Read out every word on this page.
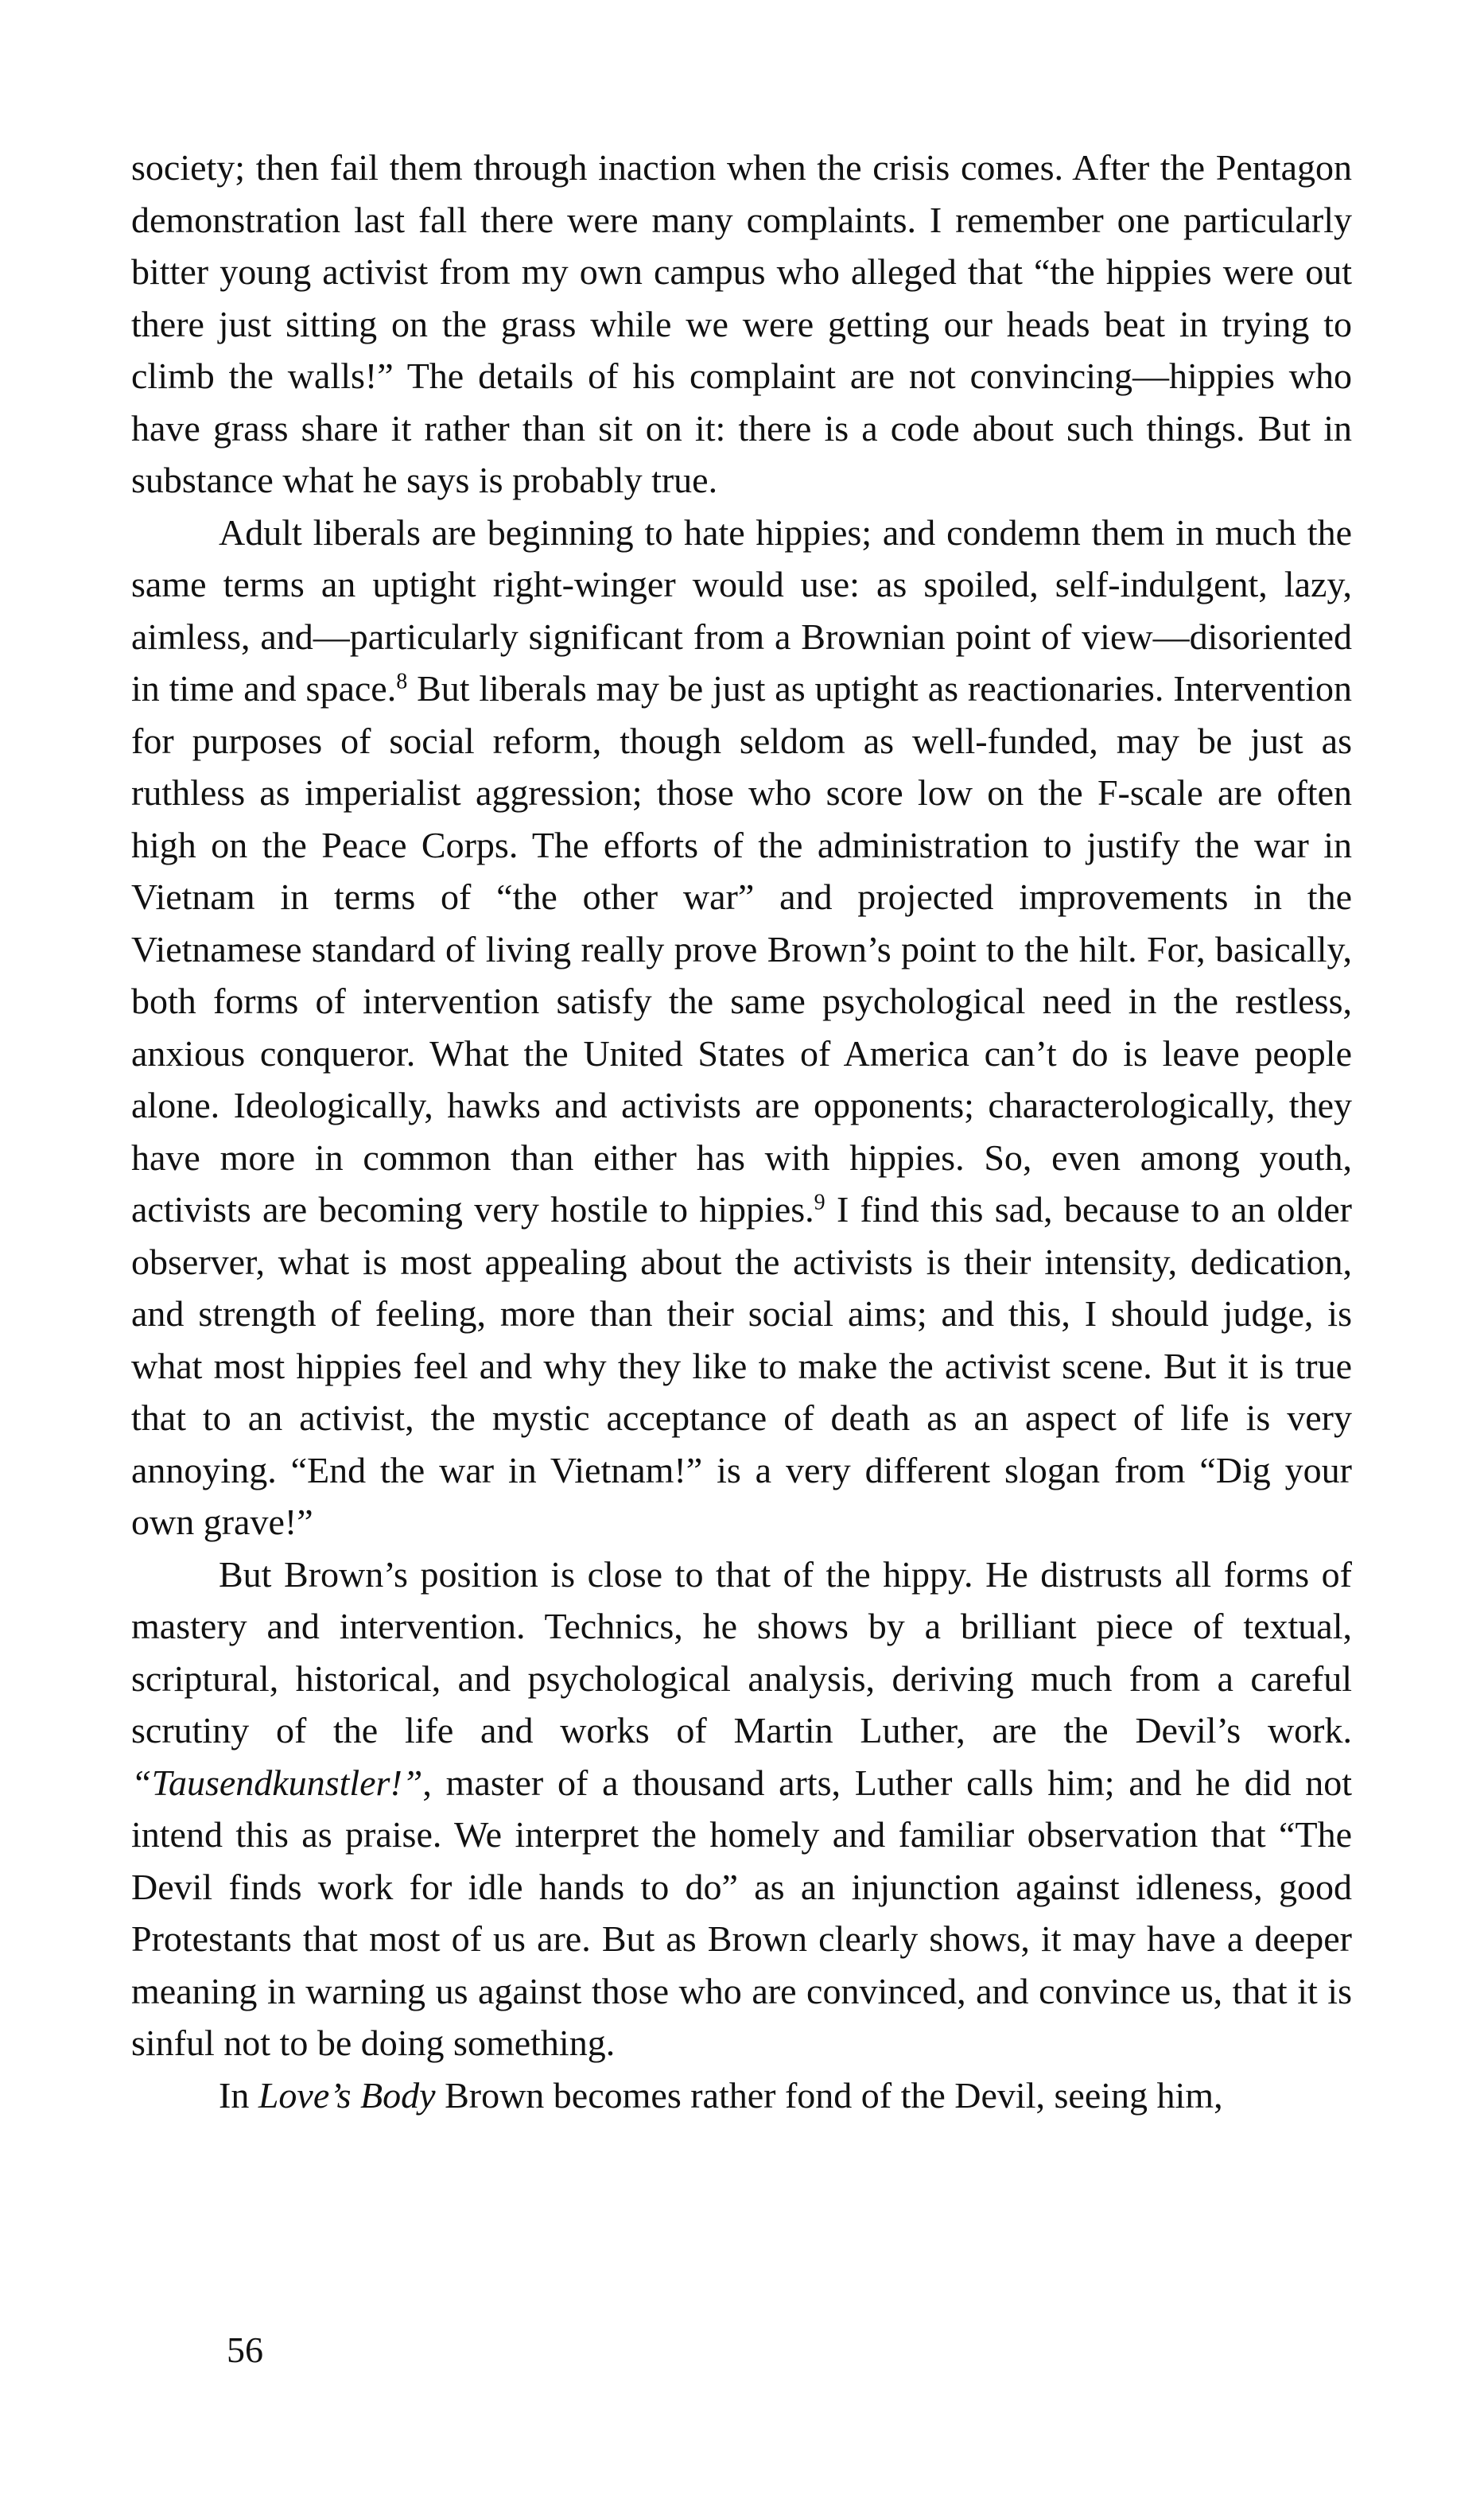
society; then fail them through inaction when the crisis comes. After the Pentagon demonstration last fall there were many complaints. I remember one particularly bitter young activist from my own campus who alleged that “the hippies were out there just sitting on the grass while we were getting our heads beat in trying to climb the walls!” The details of his complaint are not convincing—hippies who have grass share it rather than sit on it: there is a code about such things. But in substance what he says is probably true.

Adult liberals are beginning to hate hippies; and condemn them in much the same terms an uptight right-winger would use: as spoiled, self-indulgent, lazy, aimless, and—particularly significant from a Brownian point of view—disoriented in time and space.$^8$ But liberals may be just as uptight as reactionaries. Intervention for purposes of social reform, though seldom as well-funded, may be just as ruthless as imperialist aggression; those who score low on the F-scale are often high on the Peace Corps. The efforts of the administration to justify the war in Vietnam in terms of “the other war” and projected improvements in the Vietnamese standard of living really prove Brown’s point to the hilt. For, basically, both forms of intervention satisfy the same psychological need in the restless, anxious conqueror. What the United States of America can’t do is leave people alone. Ideologically, hawks and activists are opponents; characterologically, they have more in common than either has with hippies. So, even among youth, activists are becoming very hostile to hippies.$^9$ I find this sad, because to an older observer, what is most appealing about the activists is their intensity, dedication, and strength of feeling, more than their social aims; and this, I should judge, is what most hippies feel and why they like to make the activist scene. But it is true that to an activist, the mystic acceptance of death as an aspect of life is very annoying. “End the war in Vietnam!” is a very different slogan from “Dig your own grave!”

But Brown’s position is close to that of the hippy. He distrusts all forms of mastery and intervention. Technics, he shows by a brilliant piece of textual, scriptural, historical, and psychological analysis, deriving much from a careful scrutiny of the life and works of Martin Luther, are the Devil’s work. “Tausendkunstler!”, master of a thousand arts, Luther calls him; and he did not intend this as praise. We interpret the homely and familiar observation that “The Devil finds work for idle hands to do” as an injunction against idleness, good Protestants that most of us are. But as Brown clearly shows, it may have a deeper meaning in warning us against those who are convinced, and convince us, that it is sinful not to be doing something.

In Love’s Body Brown becomes rather fond of the Devil, seeing him,

56
